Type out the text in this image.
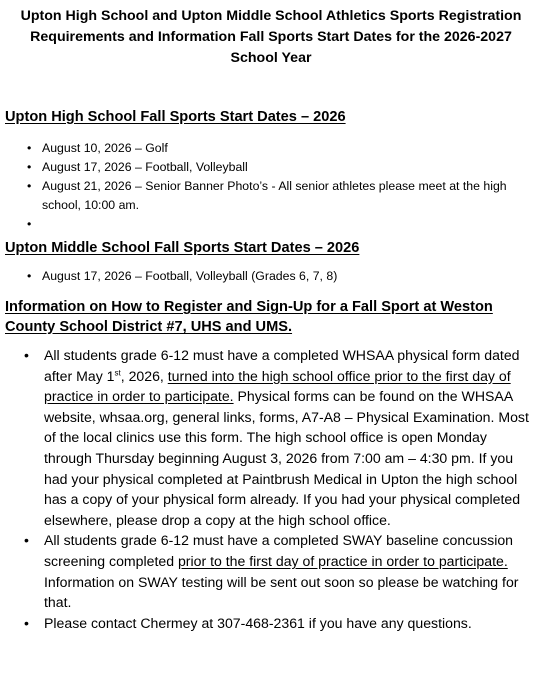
Upton High School and Upton Middle School Athletics Sports Registration Requirements and Information Fall Sports Start Dates for the 2026-2027 School Year
Upton High School Fall Sports Start Dates – 2026
• August 10, 2026 – Golf
• August 17, 2026 – Football, Volleyball
• August 21, 2026 – Senior Banner Photo’s - All senior athletes please meet at the high school, 10:00 am.
•
Upton Middle School Fall Sports Start Dates – 2026
• August 17, 2026 – Football, Volleyball (Grades 6, 7, 8)
Information on How to Register and Sign-Up for a Fall Sport at Weston County School District #7, UHS and UMS.
• All students grade 6-12 must have a completed WHSAA physical form dated after May 1st, 2026, turned into the high school office prior to the first day of practice in order to participate. Physical forms can be found on the WHSAA website, whsaa.org, general links, forms, A7-A8 – Physical Examination. Most of the local clinics use this form. The high school office is open Monday through Thursday beginning August 3, 2026 from 7:00 am – 4:30 pm. If you had your physical completed at Paintbrush Medical in Upton the high school has a copy of your physical form already. If you had your physical completed elsewhere, please drop a copy at the high school office.
• All students grade 6-12 must have a completed SWAY baseline concussion screening completed prior to the first day of practice in order to participate. Information on SWAY testing will be sent out soon so please be watching for that.
• Please contact Chermey at 307-468-2361 if you have any questions.
